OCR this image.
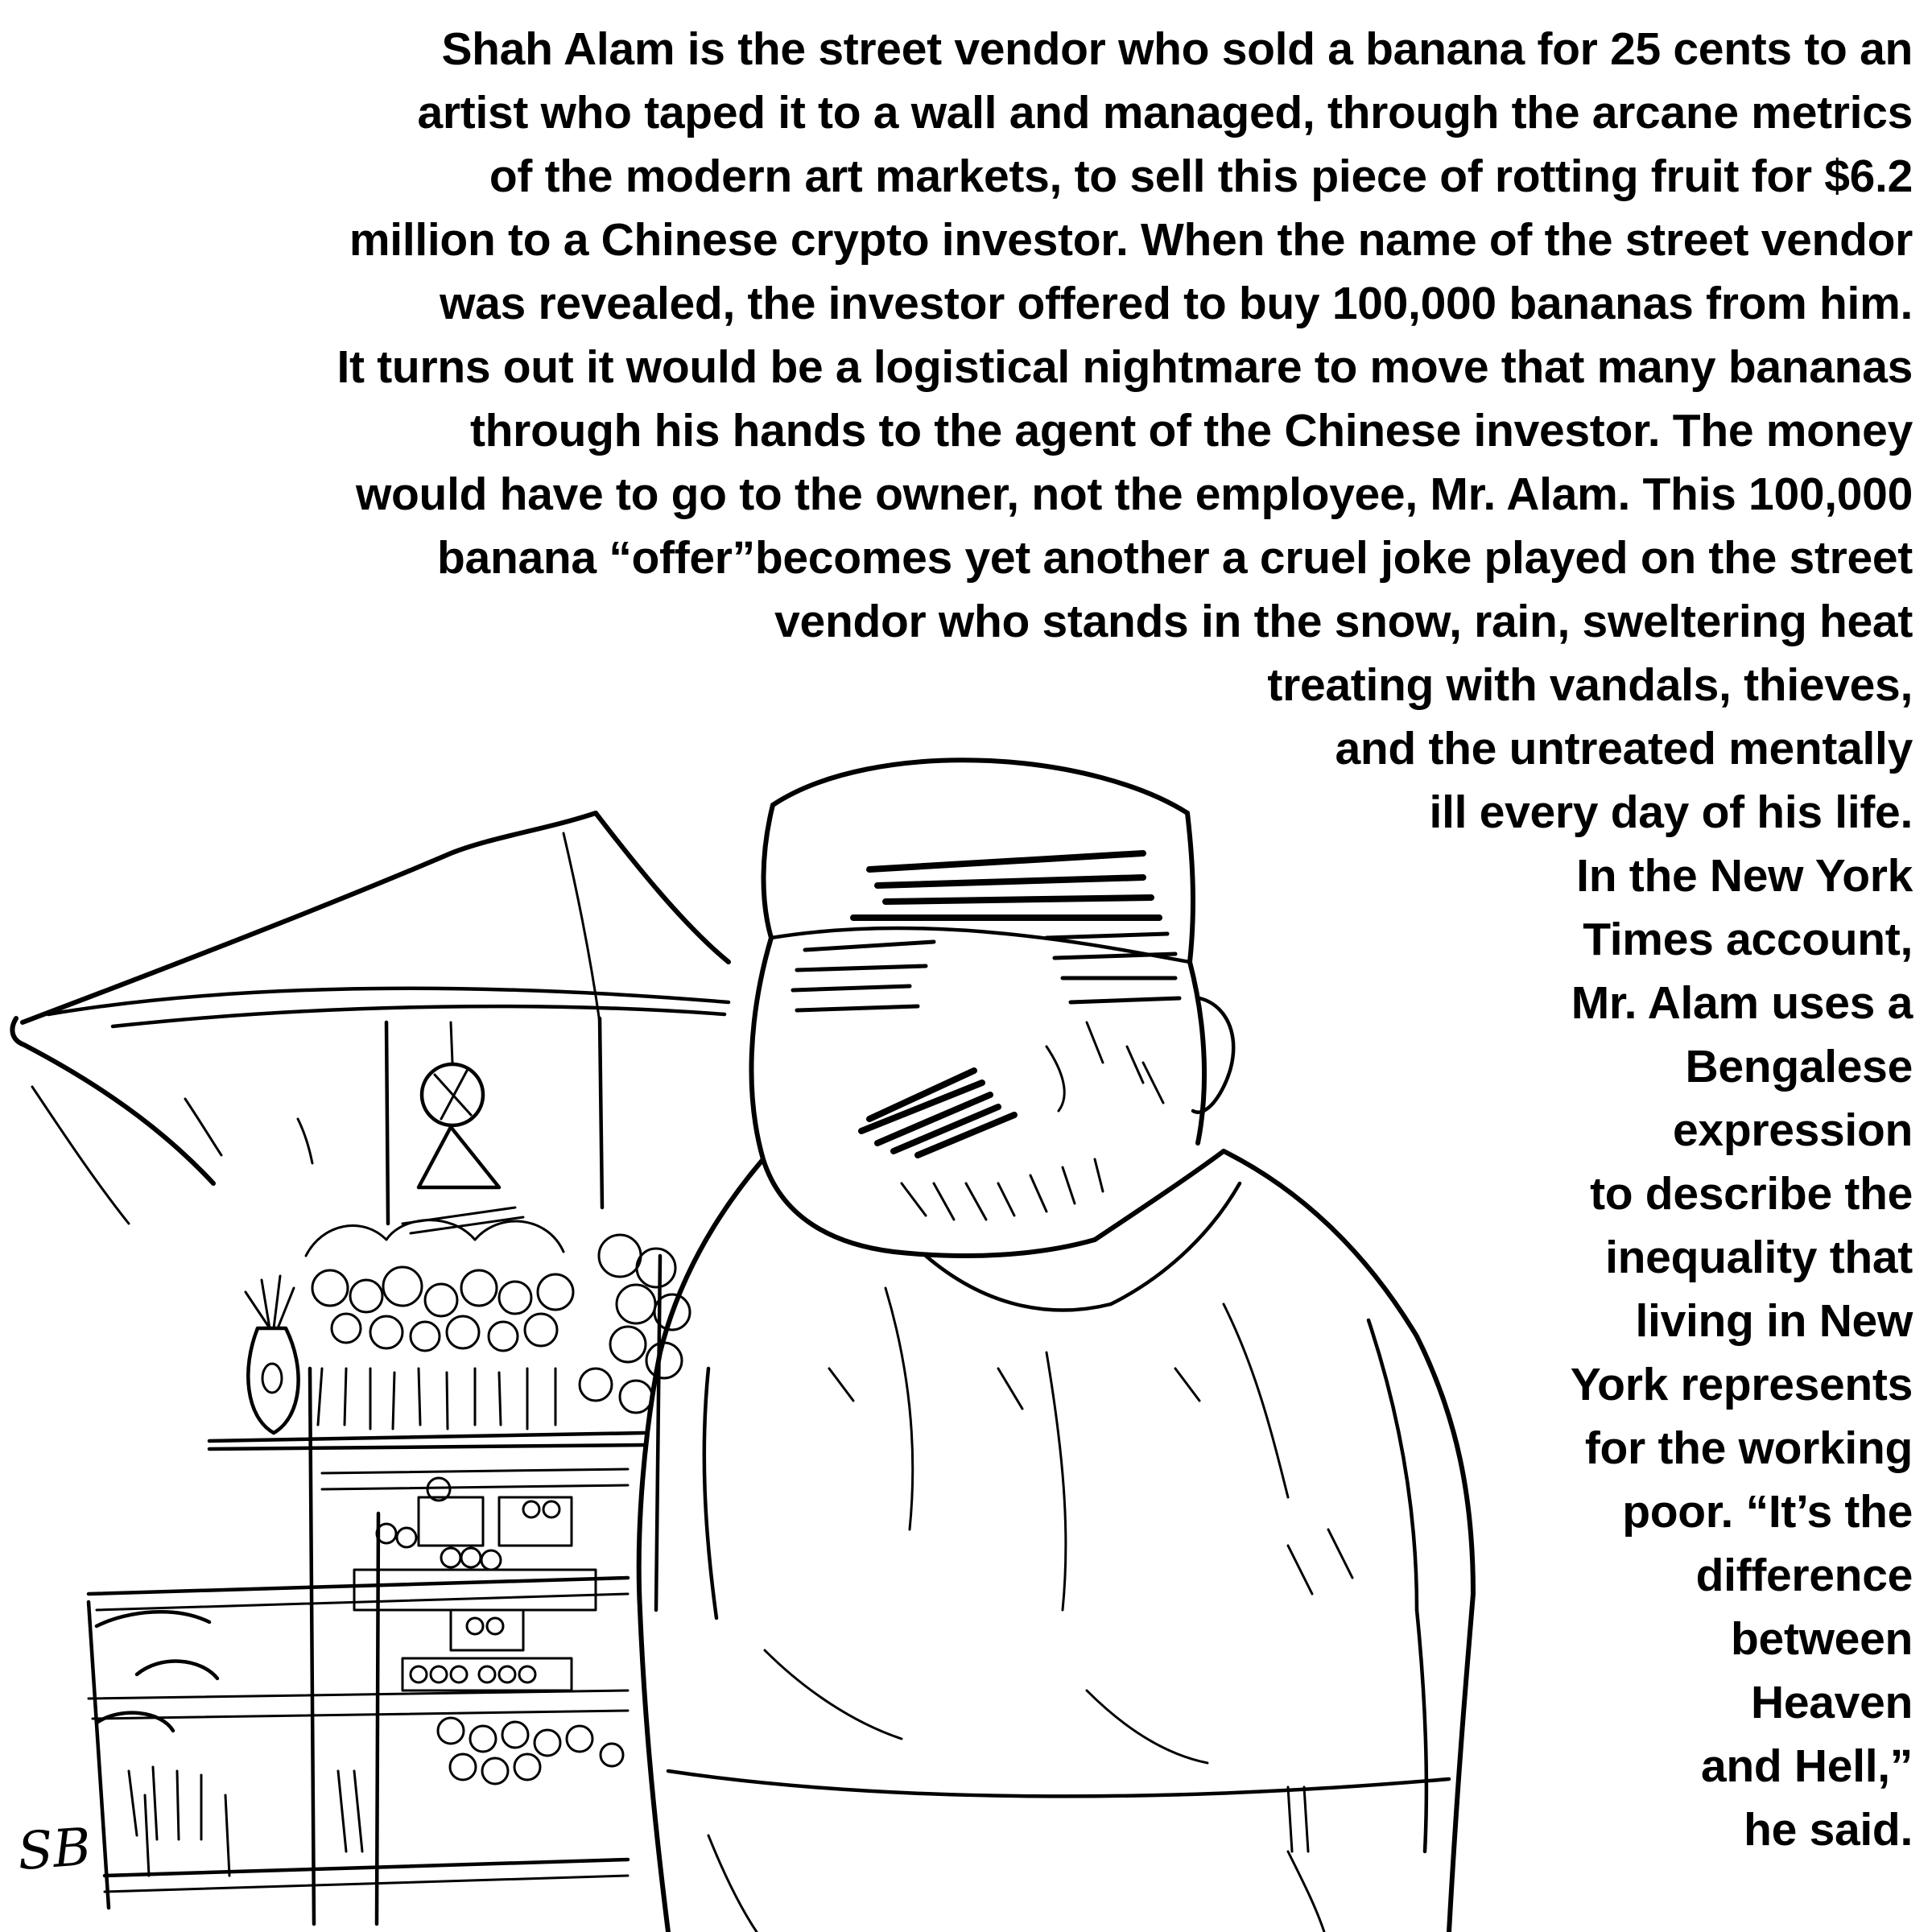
Shah Alam is the street vendor who sold a banana for 25 cents to an
artist who taped it to a wall and managed, through the arcane metrics
of the modern art markets, to sell this piece of rotting fruit for $6.2
million to a Chinese crypto investor. When the name of the street vendor
was revealed, the investor offered to buy 100,000 bananas from him.
It turns out it would be a logistical nightmare to move that many bananas
through his hands to the agent of the Chinese investor. The money
would have to go to the owner, not the employee, Mr. Alam. This 100,000
banana “offer”becomes yet another a cruel joke played on the street
vendor who stands in the snow, rain, sweltering heat
treating with vandals, thieves,
and the untreated mentally
ill every day of his life.
In the New York
Times account,
Mr. Alam uses a
Bengalese
expression
to describe the
inequality that
living in New
York represents
for the working
poor. “It’s the
difference
between
Heaven
and Hell,”
he said.
SB
